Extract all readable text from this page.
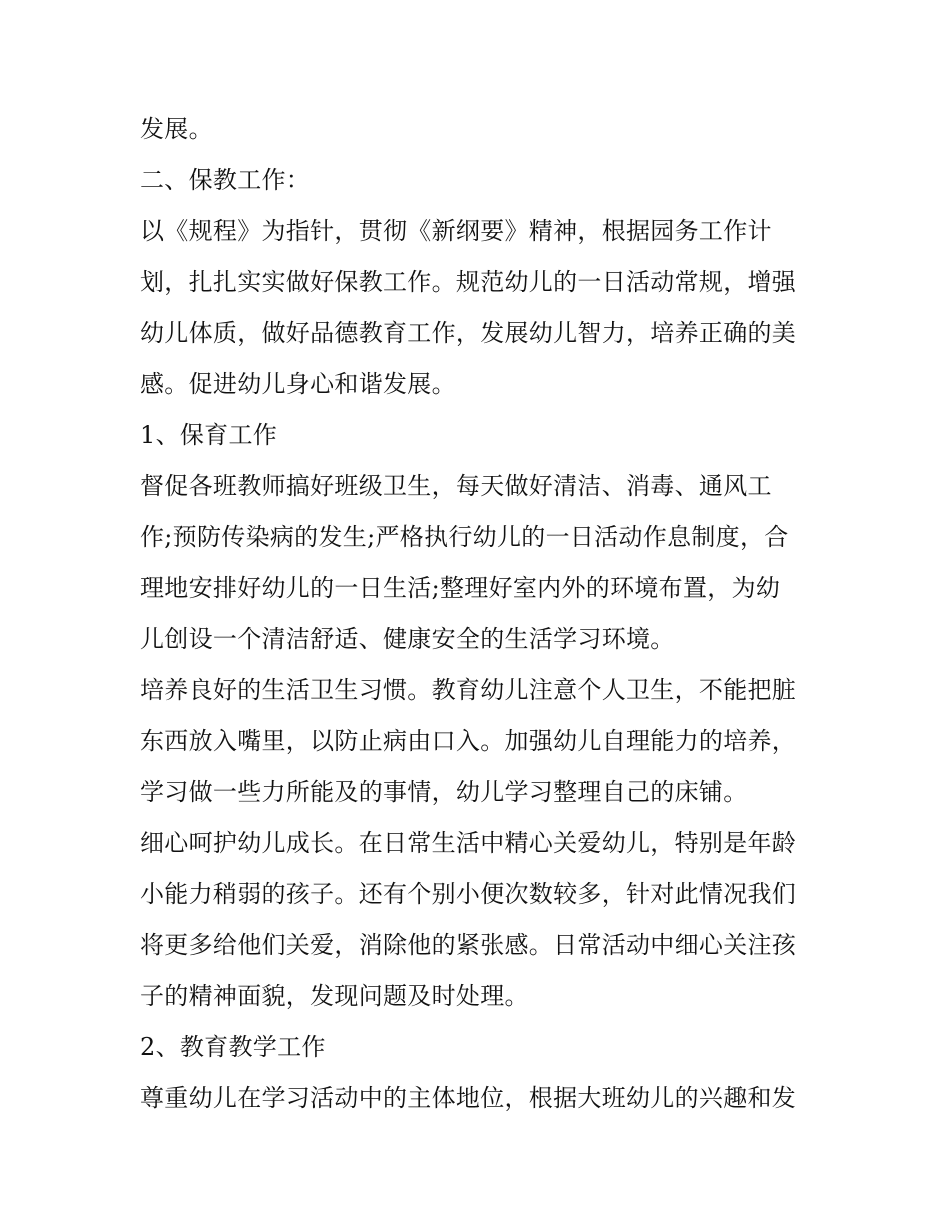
发展。
二、保教工作：
以《规程》为指针，贯彻《新纲要》精神，根据园务工作计
划，扎扎实实做好保教工作。规范幼儿的一日活动常规，增强
幼儿体质，做好品德教育工作，发展幼儿智力，培养正确的美
感。促进幼儿身心和谐发展。
1、保育工作
督促各班教师搞好班级卫生，每天做好清洁、消毒、通风工
作;预防传染病的发生;严格执行幼儿的一日活动作息制度，合
理地安排好幼儿的一日生活;整理好室内外的环境布置，为幼
儿创设一个清洁舒适、健康安全的生活学习环境。
培养良好的生活卫生习惯。教育幼儿注意个人卫生，不能把脏
东西放入嘴里，以防止病由口入。加强幼儿自理能力的培养，
学习做一些力所能及的事情，幼儿学习整理自己的床铺。
细心呵护幼儿成长。在日常生活中精心关爱幼儿，特别是年龄
小能力稍弱的孩子。还有个别小便次数较多，针对此情况我们
将更多给他们关爱，消除他的紧张感。日常活动中细心关注孩
子的精神面貌，发现问题及时处理。
2、教育教学工作
尊重幼儿在学习活动中的主体地位，根据大班幼儿的兴趣和发
